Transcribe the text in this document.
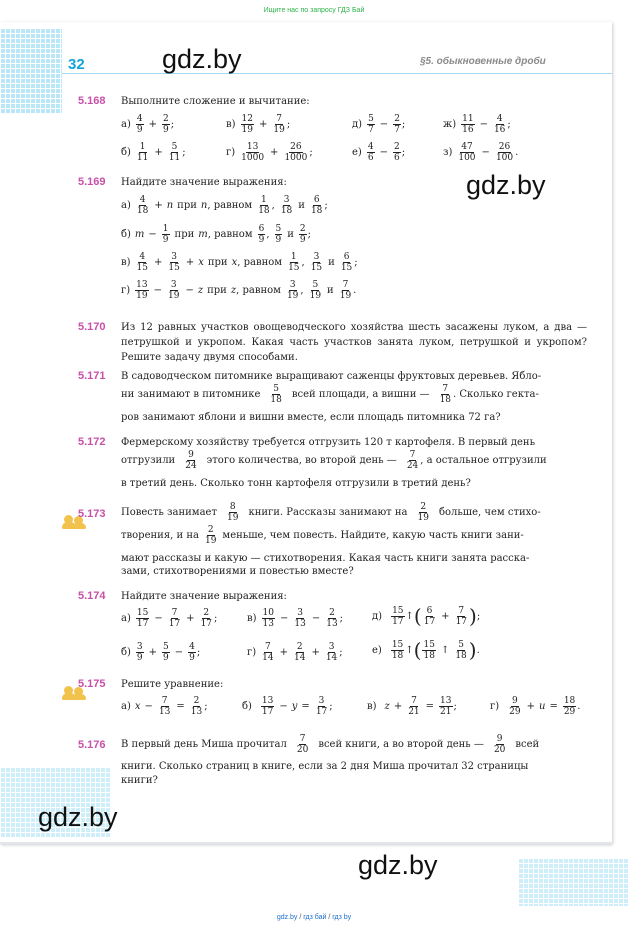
Ищите нас по запросу ГДЗ Бай
32	§5. обыкновенные дроби
gdz.by
5.168 Выполните сложение и вычитание:
$а) \frac{4}{9} + \frac{2}{9}$ ;	$в) \frac{12}{19} + \frac{7}{19}$ ;	$д) \frac{5}{7} - \frac{2}{7}$ ;	$ж) \frac{11}{16} - \frac{4}{16}$ ;
$б) \frac{1}{11} + \frac{5}{11}$ ;	$г) \frac{13}{1000} + \frac{26}{1000}$ ;	$е) \frac{4}{6} - \frac{2}{6}$ ;	$з) \frac{47}{100} - \frac{26}{100}$ .
5.169 Найдите значение выражения:	gdz.by
$а) \frac{4}{18} + n$ при n , равном $\frac{1}{18}$ , $\frac{3}{18}$ и $\frac{6}{18}$ ;
б) $m - \frac{1}{9}$ при m , равном $\frac{6}{9}$ , $\frac{5}{9}$ и $\frac{2}{9}$ ;
$в) \frac{4}{15} + \frac{3}{15} + x$ при x , равном $\frac{1}{15}$ , $\frac{3}{15}$ и $\frac{6}{15}$ ;
$г) \frac{13}{19} - \frac{3}{19} - z$ при z , равном $\frac{3}{19}$ , $\frac{5}{19}$ и $\frac{7}{19}$ .
5.170 Из 12 равных участков овощеводческого хозяйства шесть засажены луком, а два — петрушкой и укропом. Какая часть участков занята луком, петрушкой и укропом? Решите задачу двумя способами.
5.171 В садоводческом питомнике выращивают саженцы фруктовых деревьев. Ябло-
ни занимают в питомнике $\frac{5}{18}$ всей площади, а вишни — $\frac{7}{18}$ . Сколько гекта-
ров занимают яблони и вишни вместе, если площадь питомника 72 га?
5.172 Фермерскому хозяйству требуется отгрузить 120 т картофеля. В первый день
отгрузили $\frac{9}{24}$ этого количества, во второй день — $\frac{7}{24}$ , а остальное отгрузили
в третий день. Сколько тонн картофеля отгрузили в третий день?
5.173 Повесть занимает $\frac{8}{19}$ книги. Рассказы занимают на $\frac{2}{19}$ больше, чем стихо-
творения, и на $\frac{2}{19}$ меньше, чем повесть. Найдите, какую часть книги зани-
мают рассказы и какую — стихотворения. Какая часть книги занята расска-
зами, стихотворениями и повестью вместе?
5.174 Найдите значение выражения:
$а) \frac{15}{17} - \frac{7}{17} + \frac{2}{17}$ ;	$в) \frac{10}{13} - \frac{3}{13} - \frac{2}{13}$ ;	$д) \frac{15}{17}$ ↑ ( $\frac{6}{17} + \frac{7}{17}$ ) ;
$б) \frac{3}{9} + \frac{5}{9} - \frac{4}{9}$ ;	$г) \frac{7}{14} + \frac{2}{14} + \frac{3}{14}$ ;	$е) \frac{15}{18}$ ↑ ( $\frac{15}{18}$ ↑ $\frac{5}{18}$ ) .
5.175 Решите уравнение:
а) $x - \frac{7}{13} = \frac{2}{13}$ ;	$б) \frac{13}{17} - y = \frac{3}{17}$ ;	в) $z + \frac{7}{21} = \frac{13}{21}$ ;	$г) \frac{9}{29} + u = \frac{18}{29}$ .
5.176 В первый день Миша прочитал $\frac{7}{20}$ всей книги, а во второй день — $\frac{9}{20}$ всей
книги. Сколько страниц в книге, если за 2 дня Миша прочитал 32 страницы
книги?
gdz.by
gdz.by
gdz.by / гдз бай / гдз by
